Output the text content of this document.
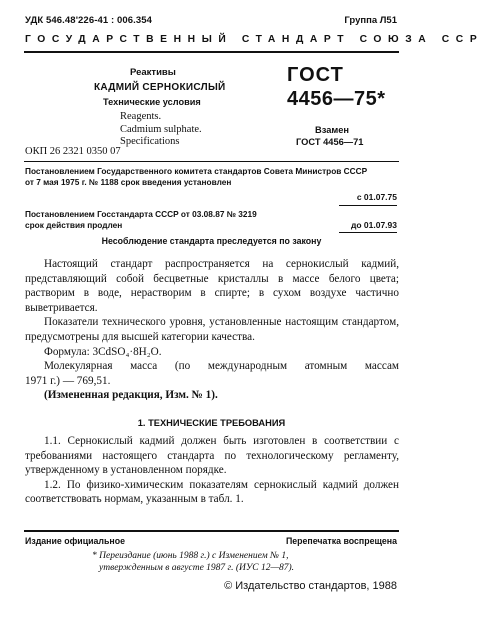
УДК 546.48'226-41 : 006.354	Группа Л51
ГОСУДАРСТВЕННЫЙ СТАНДАРТ СОЮЗА ССР
Реактивы
КАДМИЙ СЕРНОКИСЛЫЙ
Технические условия
Reagents.
Cadmium sulphate.
Specifications
ГОСТ
4456—75*
Взамен
ГОСТ 4456—71
ОКП 26 2321 0350 07
Постановлением Государственного комитета стандартов Совета Министров СССР
от 7 мая 1975 г. № 1188 срок введения установлен
с 01.07.75
Постановлением Госстандарта СССР от 03.08.87 № 3219
срок действия продлен	до 01.07.93
Несоблюдение стандарта преследуется по закону

Настоящий стандарт распространяется на сернокислый кадмий, представляющий собой бесцветные кристаллы в массе белого цвета; растворим в воде, нерастворим в спирте; в сухом воздухе частично выветривается.

Показатели технического уровня, установленные настоящим стандартом, предусмотрены для высшей категории качества.

Формула: 3CdSO₄·8H₂O.

Молекулярная масса (по международным атомным массам

1971 г.) — 769,51.

(Измененная редакция, Изм. № 1).

1. ТЕХНИЧЕСКИЕ ТРЕБОВАНИЯ

1.1. Сернокислый кадмий должен быть изготовлен в соответствии с требованиями настоящего стандарта по технологическому регламенту, утвержденному в установленном порядке.

1.2. По физико-химическим показателям сернокислый кадмий должен соответствовать нормам, указанным в табл. 1.

Издание официальное	Перепечатка воспрещена
* Переиздание (июнь 1988 г.) с Изменением № 1,
утвержденным в августе 1987 г. (ИУС 12—87).
© Издательство стандартов, 1988
